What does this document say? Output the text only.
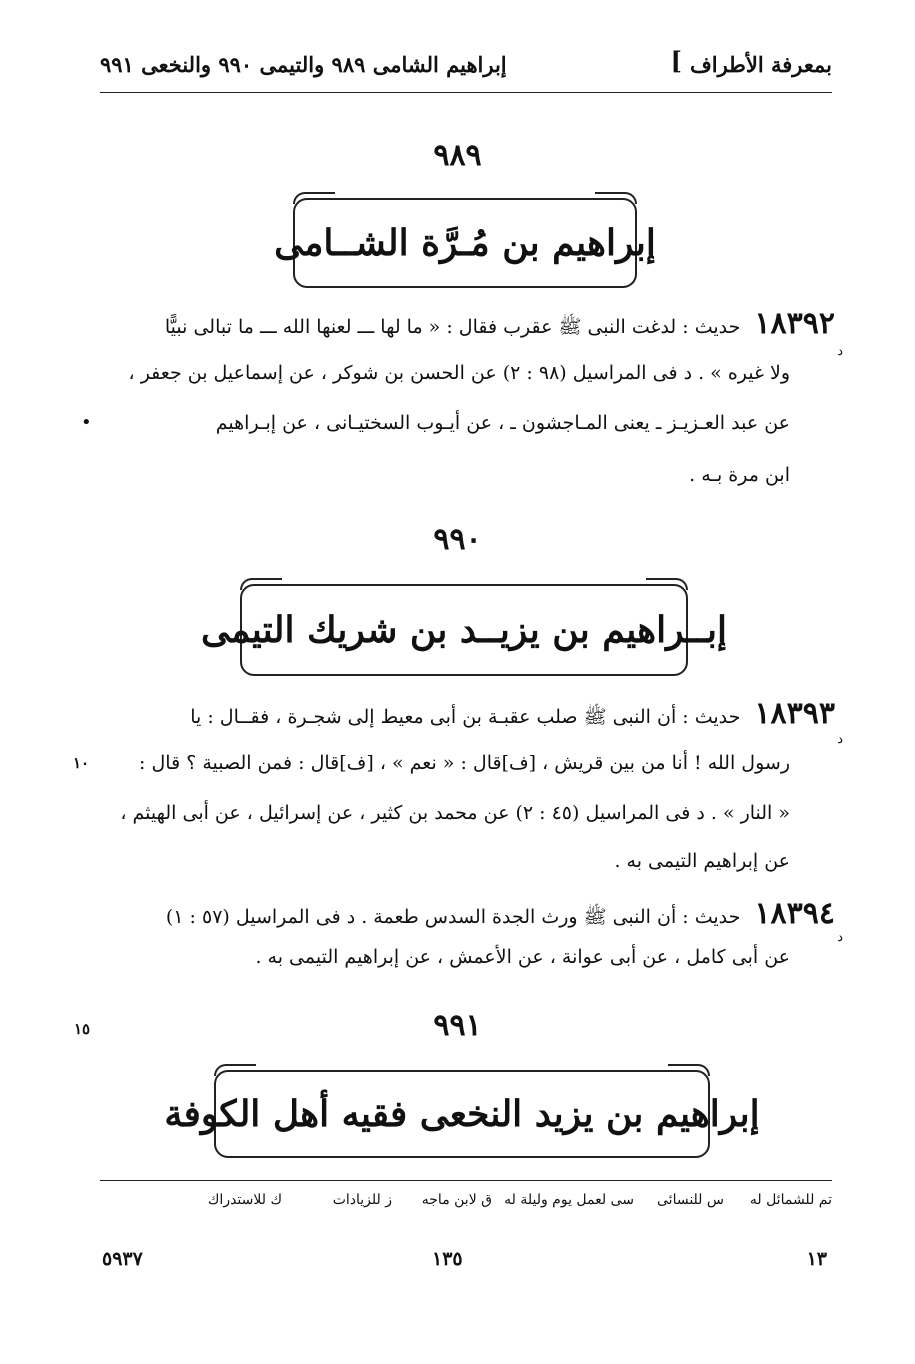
بمعرفة الأطراف
]
إبراهيم الشامى ٩٨٩ والتيمى ٩٩٠ والنخعى ٩٩١
٩٨٩
إبراهيم بن مُـرَّة الشــامى
١٨٣٩٢ حديث : لدغت النبى ﷺ عقرب فقال : « ما لها ـــ لعنها الله ـــ ما تبالى نبيًّا
د
ولا غيره » . د فى المراسيل (٩٨ : ٢) عن الحسن بن شوكر ، عن إسماعيل بن جعفر ،
عن عبد العـزيـز ـ يعنى المـاجشون ـ ، عن أيـوب السختيـانى ، عن إبـراهيم
•
ابن مرة بـه .
٩٩٠
إبــراهيم بن يزيــد بن شريك التيمى
١٨٣٩٣ حديث : أن النبى ﷺ صلب عقبـة بن أبى معيط إلى شجـرة ، فقــال : يا
د
رسول الله ! أنا من بين قريش ، [ف]قال : « نعم » ، [ف]قال : فمن الصبية ؟ قال :
١٠
« النار » . د فى المراسيل (٤٥ : ٢) عن محمد بن كثير ، عن إسرائيل ، عن أبى الهيثم ،
عن إبراهيم التيمى به .
١٨٣٩٤ حديث : أن النبى ﷺ ورث الجدة السدس طعمة . د فى المراسيل (٥٧ : ١)
د
عن أبى كامل ، عن أبى عوانة ، عن الأعمش ، عن إبراهيم التيمى به .
١٥	٩٩١
إبراهيم بن يزيد النخعى فقيه أهل الكوفة
تم للشمائل له
س للنسائى
سى لعمل يوم وليلة له
ق لابن ماجه
ز للزيادات
ك للاستدراك
١٣
١٣٥
٥٩٣٧
